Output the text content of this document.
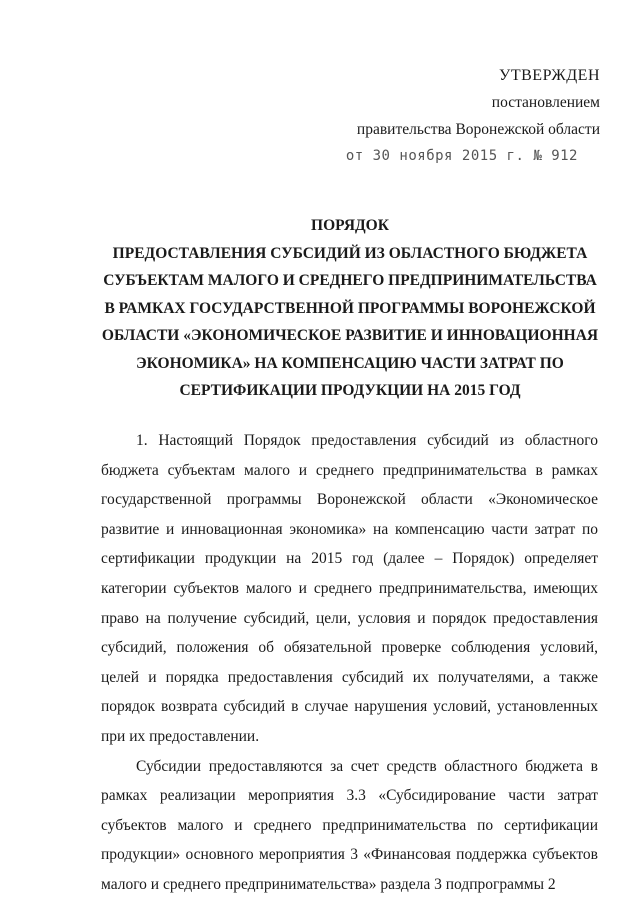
УТВЕРЖДЕН
постановлением
правительства Воронежской области
от 30 ноября 2015 г. № 912
ПОРЯДОК
ПРЕДОСТАВЛЕНИЯ СУБСИДИЙ ИЗ ОБЛАСТНОГО БЮДЖЕТА
СУБЪЕКТАМ МАЛОГО И СРЕДНЕГО ПРЕДПРИНИМАТЕЛЬСТВА
В РАМКАХ ГОСУДАРСТВЕННОЙ ПРОГРАММЫ ВОРОНЕЖСКОЙ
ОБЛАСТИ «ЭКОНОМИЧЕСКОЕ РАЗВИТИЕ И ИННОВАЦИОННАЯ
ЭКОНОМИКА» НА КОМПЕНСАЦИЮ ЧАСТИ ЗАТРАТ ПО
СЕРТИФИКАЦИИ ПРОДУКЦИИ НА 2015 ГОД

1. Настоящий Порядок предоставления субсидий из областного бюджета субъектам малого и среднего предпринимательства в рамках государственной программы Воронежской области «Экономическое развитие и инновационная экономика» на компенсацию части затрат по сертификации продукции на 2015 год (далее – Порядок) определяет категории субъектов малого и среднего предпринимательства, имеющих право на получение субсидий, цели, условия и порядок предоставления субсидий, положения об обязательной проверке соблюдения условий, целей и порядка предоставления субсидий их получателями, а также порядок возврата субсидий в случае нарушения условий, установленных при их предоставлении.

Субсидии предоставляются за счет средств областного бюджета в рамках реализации мероприятия 3.3 «Субсидирование части затрат субъектов малого и среднего предпринимательства по сертификации продукции» основного мероприятия 3 «Финансовая поддержка субъектов малого и среднего предпринимательства» раздела 3 подпрограммы 2
